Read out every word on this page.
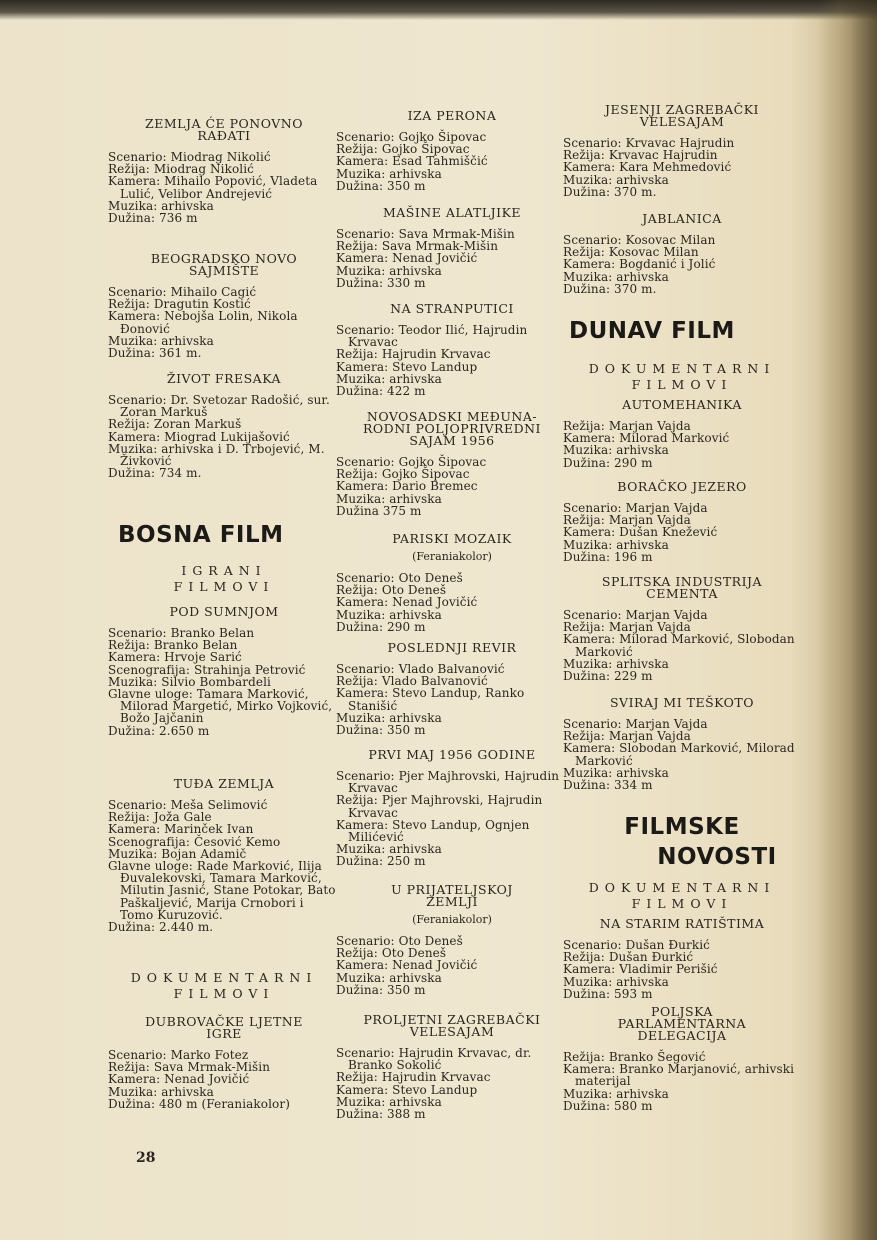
ZEMLJA ĆE PONOVNO
RAĐATI
Scenario: Miodrag Nikolić
Režija: Miodrag Nikolić
Kamera: Mihailo Popović, Vladeta Lulić, Velibor Andrejević
Muzika: arhivska
Dužina: 736 m
BEOGRADSKO NOVO
SAJMIŠTE
Scenario: Mihailo Cagić
Režija: Dragutin Kostić
Kamera: Nebojša Lolin, Nikola Đonović
Muzika: arhivska
Dužina: 361 m.
ŽIVOT FRESAKA
Scenario: Dr. Svetozar Radošić, sur. Zoran Markuš
Režija: Zoran Markuš
Kamera: Miograd Lukijašović
Muzika: arhivska i D. Trbojević, M. Živković
Dužina: 734 m.
BOSNA FILM
IGRANI
FILMOVI
POD SUMNJOM
Scenario: Branko Belan
Režija: Branko Belan
Kamera: Hrvoje Sarić
Scenografija: Strahinja Petrović
Muzika: Silvio Bombardeli
Glavne uloge: Tamara Marković, Milorad Margetić, Mirko Vojković, Božo Jajčanin
Dužina: 2.650 m
TUĐA ZEMLJA
Scenario: Meša Selimović
Režija: Joža Gale
Kamera: Marinček Ivan
Scenografija: Česović Kemo
Muzika: Bojan Adamič
Glavne uloge: Rade Marković, Ilija Đuvalekovski, Tamara Marković, Milutin Jasnić, Stane Potokar, Bato Paškaljević, Marija Crnobori i Tomo Kuruzović.
Dužina: 2.440 m.
DOKUMENTARNI
FILMOVI
DUBROVAČKE LJETNE
IGRE
Scenario: Marko Fotez
Režija: Sava Mrmak-Mišin
Kamera: Nenad Jovičić
Muzika: arhivska
Dužina: 480 m (Feraniakolor)
IZA PERONA
Scenario: Gojko Šipovac
Režija: Gojko Šipovac
Kamera: Esad Tahmiščić
Muzika: arhivska
Dužina: 350 m
MAŠINE ALATLJIKE
Scenario: Sava Mrmak-Mišin
Režija: Sava Mrmak-Mišin
Kamera: Nenad Jovičić
Muzika: arhivska
Dužina: 330 m
NA STRANPUTICI
Scenario: Teodor Ilić, Hajrudin Krvavac
Režija: Hajrudin Krvavac
Kamera: Stevo Landup
Muzika: arhivska
Dužina: 422 m
NOVOSADSKI MEĐUNA-
RODNI POLJOPRIVREDNI
SAJAM 1956
Scenario: Gojko Šipovac
Režija: Gojko Šipovac
Kamera: Dario Bremec
Muzika: arhivska
Dužina 375 m
PARISKI MOZAIK
(Feraniakolor)
Scenario: Oto Deneš
Režija: Oto Deneš
Kamera: Nenad Jovičić
Muzika: arhivska
Dužina: 290 m
POSLEDNJI REVIR
Scenario: Vlado Balvanović
Režija: Vlado Balvanović
Kamera: Stevo Landup, Ranko Stanišić
Muzika: arhivska
Dužina: 350 m
PRVI MAJ 1956 GODINE
Scenario: Pjer Majhrovski, Hajrudin Krvavac
Režija: Pjer Majhrovski, Hajrudin Krvavac
Kamera: Stevo Landup, Ognjen Milićević
Muzika: arhivska
Dužina: 250 m
U PRIJATELJSKOJ
ZEMLJI
(Feraniakolor)
Scenario: Oto Deneš
Režija: Oto Deneš
Kamera: Nenad Jovičić
Muzika: arhivska
Dužina: 350 m
PROLJETNI ZAGREBAČKI
VELESAJAM
Scenario: Hajrudin Krvavac, dr. Branko Sokolić
Režija: Hajrudin Krvavac
Kamera: Stevo Landup
Muzika: arhivska
Dužina: 388 m
JESENJI ZAGREBAČKI
VELESAJAM
Scenario: Krvavac Hajrudin
Režija: Krvavac Hajrudin
Kamera: Kara Mehmedović
Muzika: arhivska
Dužina: 370 m.
JABLANICA
Scenario: Kosovac Milan
Režija: Kosovac Milan
Kamera: Bogdanić i Jolić
Muzika: arhivska
Dužina: 370 m.
DUNAV FILM
DOKUMENTARNI
FILMOVI
AUTOMEHANIKA
Režija: Marjan Vajda
Kamera: Milorad Marković
Muzika: arhivska
Dužina: 290 m
BORAČKO JEZERO
Scenario: Marjan Vajda
Režija: Marjan Vajda
Kamera: Dušan Knežević
Muzika: arhivska
Dužina: 196 m
SPLITSKA INDUSTRIJA
CEMENTA
Scenario: Marjan Vajda
Režija: Marjan Vajda
Kamera: Milorad Marković, Slobodan Marković
Muzika: arhivska
Dužina: 229 m
SVIRAJ MI TEŠKOTO
Scenario: Marjan Vajda
Režija: Marjan Vajda
Kamera: Slobodan Marković, Milorad Marković
Muzika: arhivska
Dužina: 334 m
FILMSKE
NOVOSTI
DOKUMENTARNI
FILMOVI
NA STARIM RATIŠTIMA
Scenario: Dušan Đurkić
Režija: Dušan Đurkić
Kamera: Vladimir Perišić
Muzika: arhivska
Dužina: 593 m
POLJSKA
PARLAMENTARNA
DELEGACIJA
Režija: Branko Šegović
Kamera: Branko Marjanović, arhivski materijal
Muzika: arhivska
Dužina: 580 m
28
